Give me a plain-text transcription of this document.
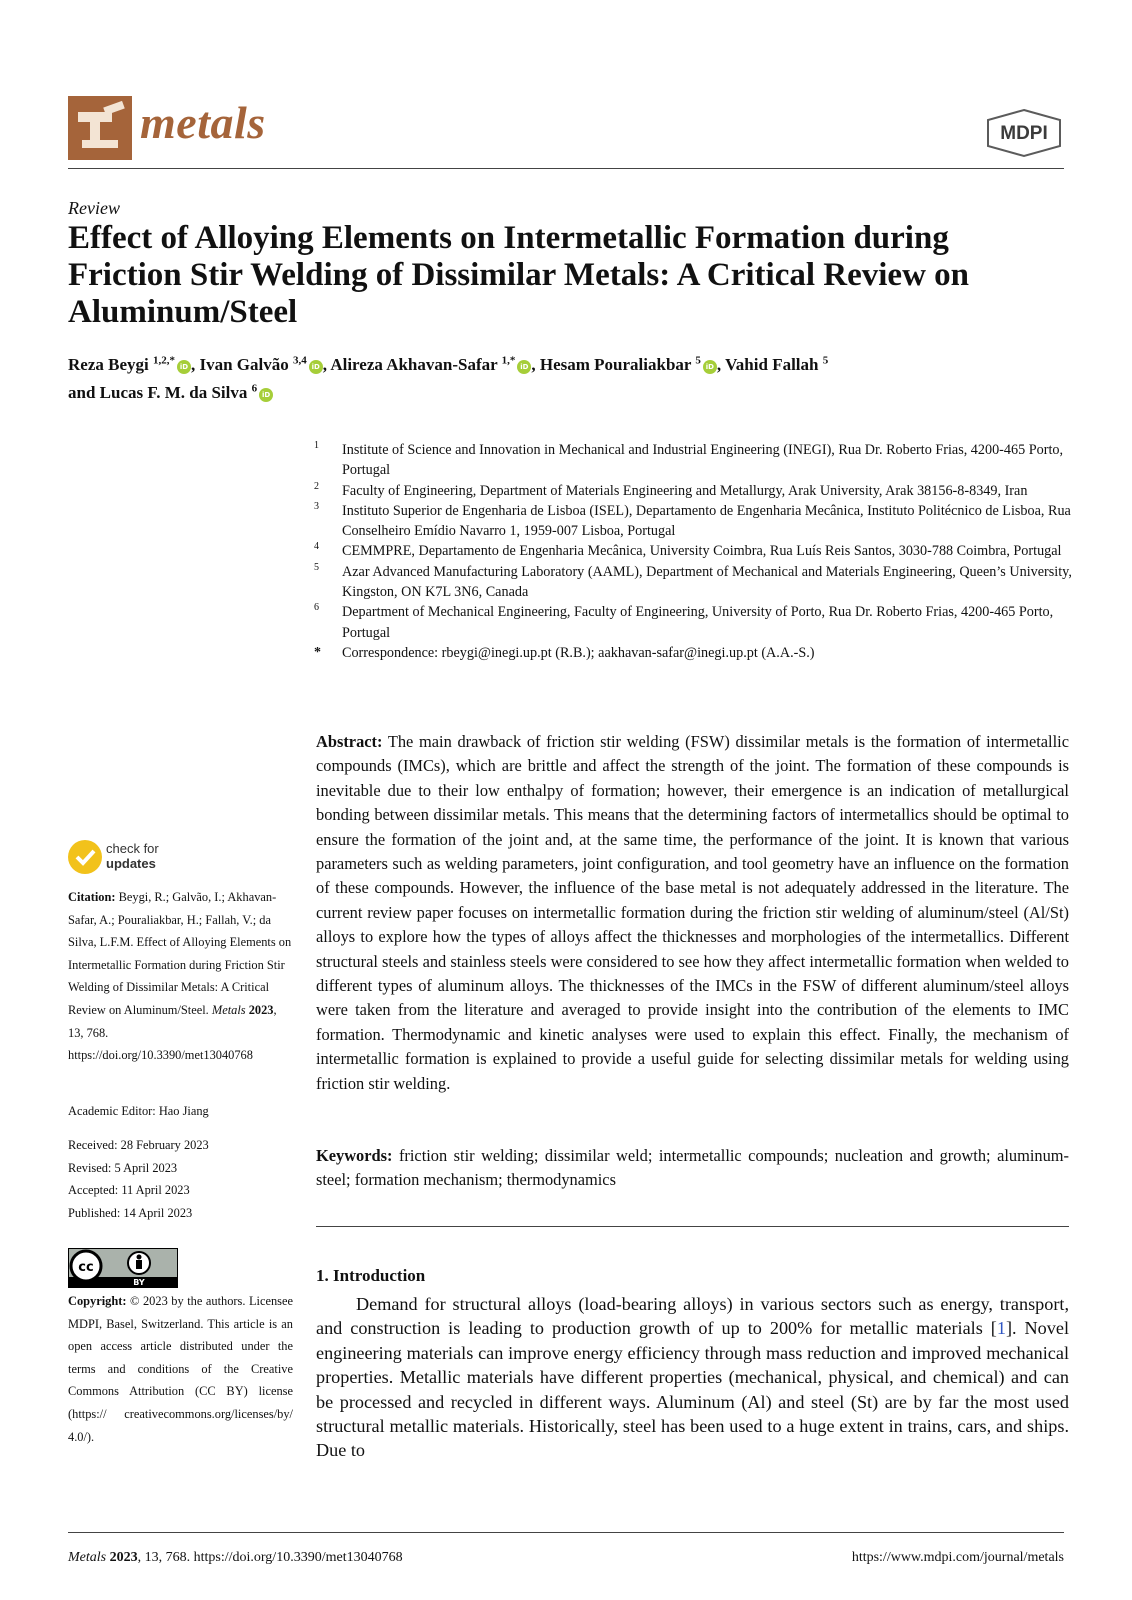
metals	MDPI
Review
Effect of Alloying Elements on Intermetallic Formation during Friction Stir Welding of Dissimilar Metals: A Critical Review on Aluminum/Steel
Reza Beygi $^{1,2,*}$iD , Ivan Galvão $^{3,4}$iD , Alireza Akhavan-Safar $^{1,*}$iD , Hesam Pouraliakbar $^5$iD , Vahid Fallah $^5$
and Lucas F. M. da Silva $^6$iD
1	Institute of Science and Innovation in Mechanical and Industrial Engineering (INEGI), Rua Dr. Roberto Frias, 4200-465 Porto, Portugal
2	Faculty of Engineering, Department of Materials Engineering and Metallurgy, Arak University, Arak 38156-8-8349, Iran
3	Instituto Superior de Engenharia de Lisboa (ISEL), Departamento de Engenharia Mecânica, Instituto Politécnico de Lisboa, Rua Conselheiro Emídio Navarro 1, 1959-007 Lisboa, Portugal
4	CEMMPRE, Departamento de Engenharia Mecânica, University Coimbra, Rua Luís Reis Santos, 3030-788 Coimbra, Portugal
5	Azar Advanced Manufacturing Laboratory (AAML), Department of Mechanical and Materials Engineering, Queen’s University, Kingston, ON K7L 3N6, Canada
6	Department of Mechanical Engineering, Faculty of Engineering, University of Porto, Rua Dr. Roberto Frias, 4200-465 Porto, Portugal
*	Correspondence: rbeygi@inegi.up.pt (R.B.); aakhavan-safar@inegi.up.pt (A.A.-S.)
Abstract: The main drawback of friction stir welding (FSW) dissimilar metals is the formation of intermetallic compounds (IMCs), which are brittle and affect the strength of the joint. The formation of these compounds is inevitable due to their low enthalpy of formation; however, their emergence is an indication of metallurgical bonding between dissimilar metals. This means that the determining factors of intermetallics should be optimal to ensure the formation of the joint and, at the same time, the performance of the joint. It is known that various parameters such as welding parameters, joint configuration, and tool geometry have an influence on the formation of these compounds. However, the influence of the base metal is not adequately addressed in the literature. The current review paper focuses on intermetallic formation during the friction stir welding of aluminum/steel (Al/St) alloys to explore how the types of alloys affect the thicknesses and morphologies of the intermetallics. Different structural steels and stainless steels were considered to see how they affect intermetallic formation when welded to different types of aluminum alloys. The thicknesses of the IMCs in the FSW of different aluminum/steel alloys were taken from the literature and averaged to provide insight into the contribution of the elements to IMC formation. Thermodynamic and kinetic analyses were used to explain this effect. Finally, the mechanism of intermetallic formation is explained to provide a useful guide for selecting dissimilar metals for welding using friction stir welding.
Keywords: friction stir welding; dissimilar weld; intermetallic compounds; nucleation and growth; aluminum-steel; formation mechanism; thermodynamics
1. Introduction
Demand for structural alloys (load-bearing alloys) in various sectors such as energy, transport, and construction is leading to production growth of up to 200% for metallic materials [1]. Novel engineering materials can improve energy efficiency through mass reduction and improved mechanical properties. Metallic materials have different properties (mechanical, physical, and chemical) and can be processed and recycled in different ways. Aluminum (Al) and steel (St) are by far the most used structural metallic materials. Historically, steel has been used to a huge extent in trains, cars, and ships. Due to
check for
updates
Citation: Beygi, R.; Galvão, I.; Akhavan-Safar, A.; Pouraliakbar, H.; Fallah, V.; da Silva, L.F.M. Effect of Alloying Elements on Intermetallic Formation during Friction Stir Welding of Dissimilar Metals: A Critical Review on Aluminum/Steel. Metals 2023, 13, 768. https://doi.org/10.3390/met13040768
Academic Editor: Hao Jiang
Received: 28 February 2023
Revised: 5 April 2023
Accepted: 11 April 2023
Published: 14 April 2023
cc
BY
Copyright: © 2023 by the authors. Licensee MDPI, Basel, Switzerland. This article is an open access article distributed under the terms and conditions of the Creative Commons Attribution (CC BY) license (https:// creativecommons.org/licenses/by/ 4.0/).
Metals 2023, 13, 768. https://doi.org/10.3390/met13040768	https://www.mdpi.com/journal/metals
